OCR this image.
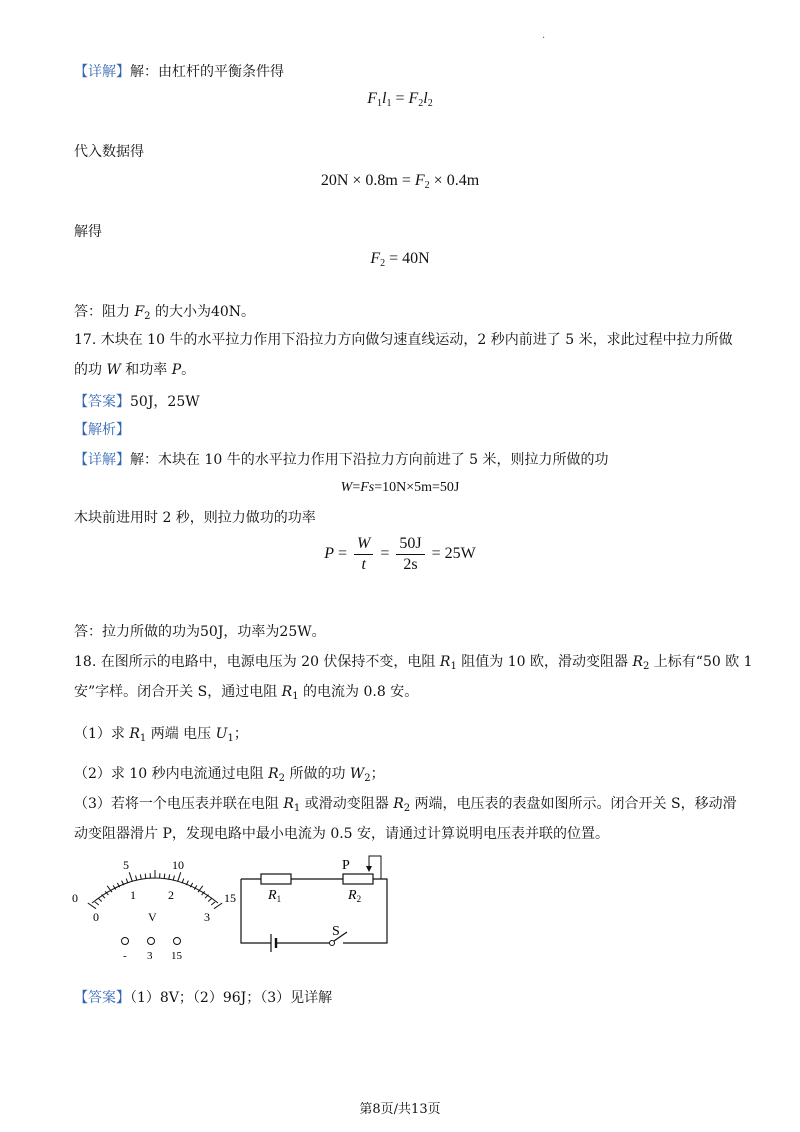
.
【详解】解：由杠杆的平衡条件得
$F_1l_1 = F_2l_2$
代入数据得
$20N \times 0.8m = F_2 \times 0.4m$
解得
$F_2 = 40N$
答：阻力 $F_2$ 的大小为40N。
17. 木块在 10 牛的水平拉力作用下沿拉力方向做匀速直线运动，2 秒内前进了 5 米，求此过程中拉力所做
的功 W 和功率 P。
【答案】50J，25W
【解析】
【详解】解：木块在 10 牛的水平拉力作用下沿拉力方向前进了 5 米，则拉力所做的功
W=Fs=10N×5m=50J
木块前进用时 2 秒，则拉力做功的功率
$P = \frac{W}{t} = \frac{50J}{2s} = 25W$
答：拉力所做的功为50J，功率为25W。
18. 在图所示的电路中，电源电压为 20 伏保持不变，电阻 $R_1$ 阻值为 10 欧，滑动变阻器 $R_2$ 上标有“50 欧 1
安”字样。闭合开关 S，通过电阻 $R_1$ 的电流为 0.8 安。
（1）求 $R_1$ 两端 电压 $U_1$；
（2）求 10 秒内电流通过电阻 $R_2$ 所做的功 $W_2$；
（3）若将一个电压表并联在电阻 $R_1$ 或滑动变阻器 $R_2$ 两端，电压表的表盘如图所示。闭合开关 S，移动滑
动变阻器滑片 P，发现电路中最小电流为 0.5 安，请通过计算说明电压表并联的位置。
0
5	10
15
0
1	2
3
V
- 3 15
P
$R_1$	$R_2$
S
【答案】（1）8V；（2）96J；（3）见详解
第8页/共13页
